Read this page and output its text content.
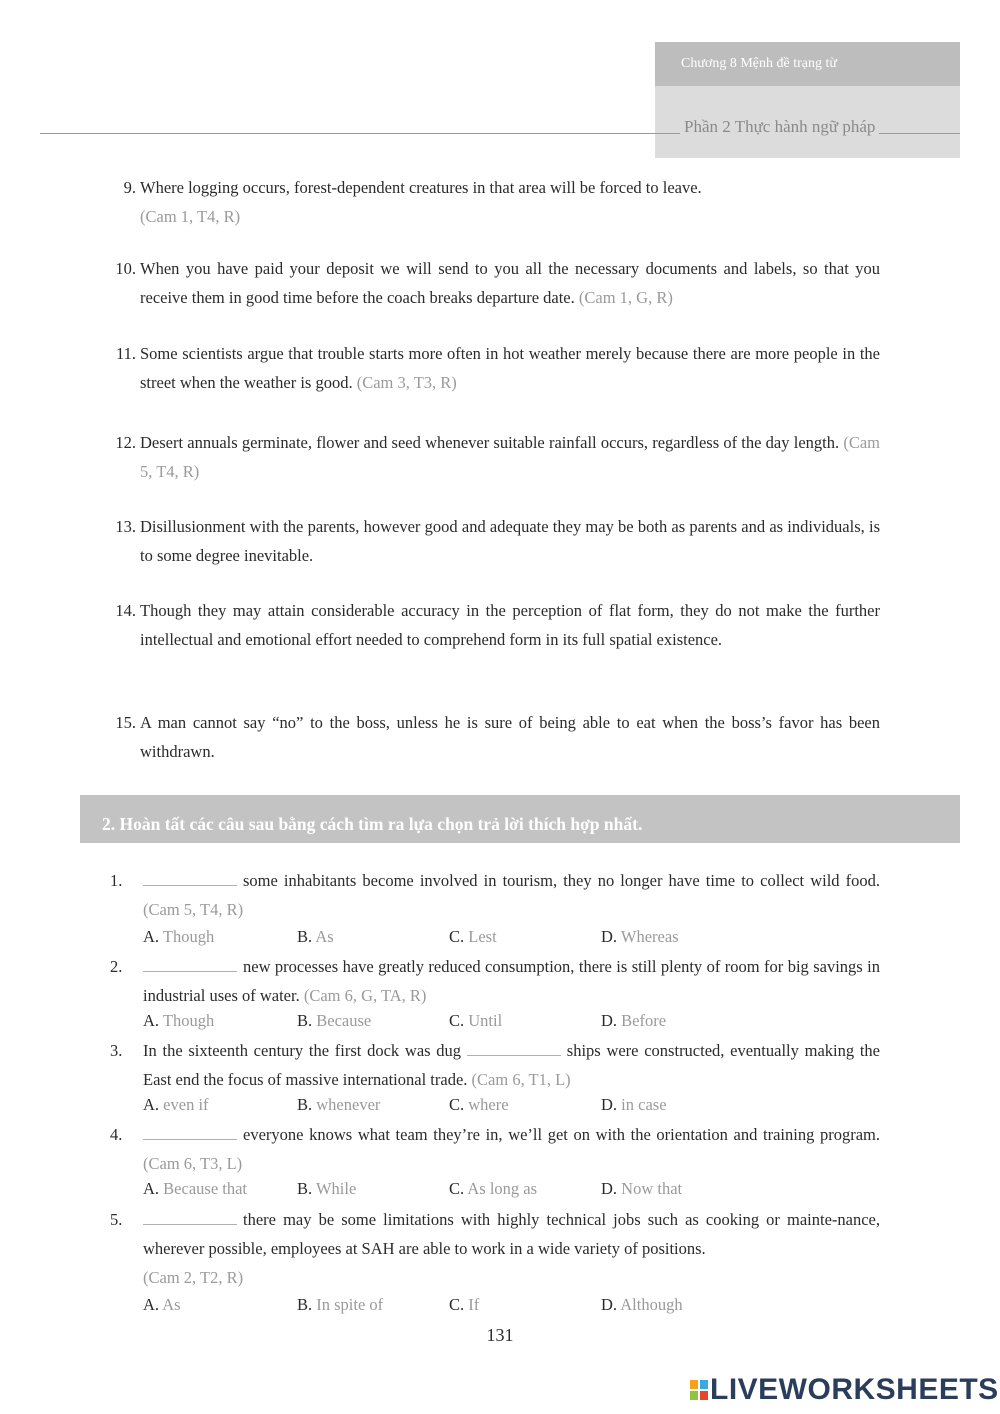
Chương 8 Mệnh đề trạng từ
Phần 2 Thực hành ngữ pháp
9. Where logging occurs, forest-dependent creatures in that area will be forced to leave.
(Cam 1, T4, R)
10. When you have paid your deposit we will send to you all the necessary documents and labels, so that you receive them in good time before the coach breaks departure date. (Cam 1, G, R)
11. Some scientists argue that trouble starts more often in hot weather merely because there are more people in the street when the weather is good. (Cam 3, T3, R)
12. Desert annuals germinate, flower and seed whenever suitable rainfall occurs, regardless of the day length. (Cam 5, T4, R)
13. Disillusionment with the parents, however good and adequate they may be both as parents and as individuals, is to some degree inevitable.
14. Though they may attain considerable accuracy in the perception of flat form, they do not make the further intellectual and emotional effort needed to comprehend form in its full spatial existence.
15. A man cannot say “no” to the boss, unless he is sure of being able to eat when the boss’s favor has been withdrawn.
2. Hoàn tất các câu sau bằng cách tìm ra lựa chọn trả lời thích hợp nhất.
1.	some inhabitants become involved in tourism, they no longer have time to collect wild food. (Cam 5, T4, R)
A. Though	B. As	C. Lest	D. Whereas
2.	new processes have greatly reduced consumption, there is still plenty of room for big savings in industrial uses of water. (Cam 6, G, TA, R)
A. Though	B. Because	C. Until	D. Before
3.	In the sixteenth century the first dock was dug	ships were constructed, eventually making the East end the focus of massive international trade. (Cam 6, T1, L)
A. even if	B. whenever	C. where	D. in case
4.	everyone knows what team they’re in, we’ll get on with the orientation and training program. (Cam 6, T3, L)
A. Because that	B. While	C. As long as	D. Now that
5.	there may be some limitations with highly technical jobs such as cooking or mainte-nance, wherever possible, employees at SAH are able to work in a wide variety of positions.
(Cam 2, T2, R)
A. As	B. In spite of	C. If	D. Although
131
LIVEWORKSHEETS
